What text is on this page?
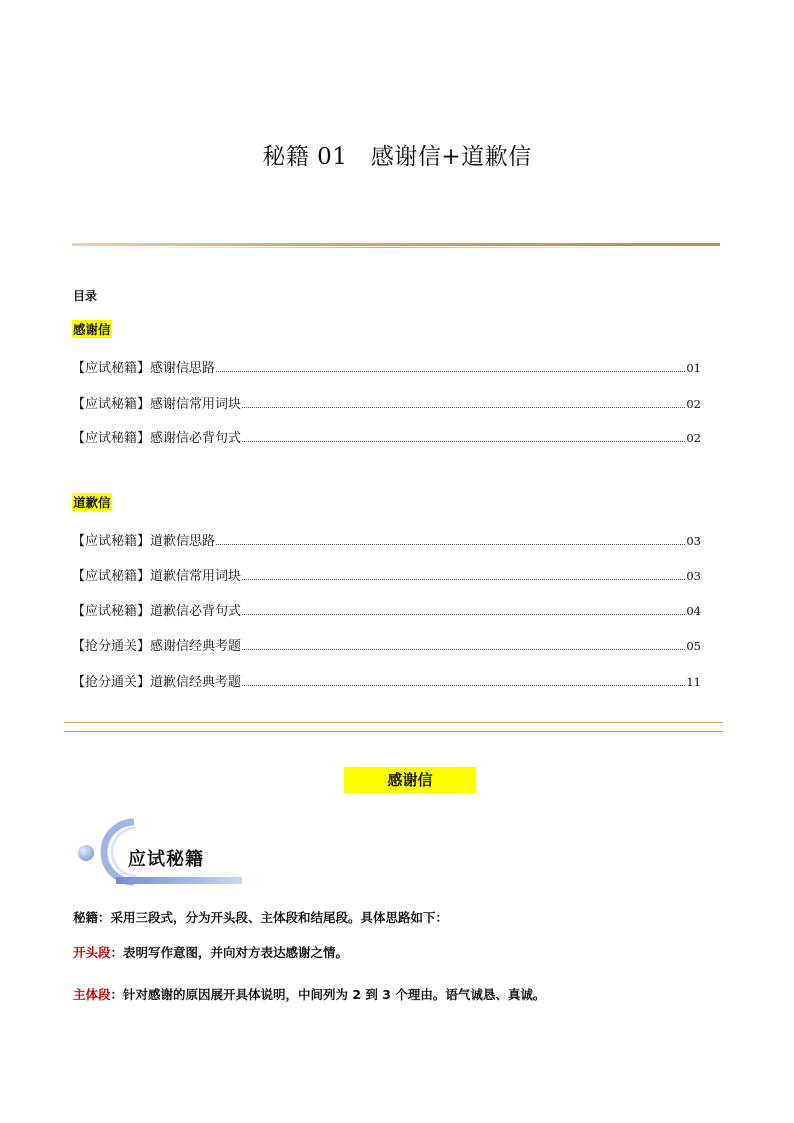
秘籍 01　感谢信+道歉信
目录
感谢信
【应试秘籍】感谢信思路	01
【应试秘籍】感谢信常用词块	02
【应试秘籍】感谢信必背句式	02
道歉信
【应试秘籍】道歉信思路	03
【应试秘籍】道歉信常用词块	03
【应试秘籍】道歉信必背句式	04
【抢分通关】感谢信经典考题	05
【抢分通关】道歉信经典考题	11
感谢信
应试秘籍
秘籍：采用三段式，分为开头段、主体段和结尾段。具体思路如下：
开头段：表明写作意图，并向对方表达感谢之情。
主体段：针对感谢的原因展开具体说明，中间列为 2 到 3 个理由。语气诚恳、真诚。
